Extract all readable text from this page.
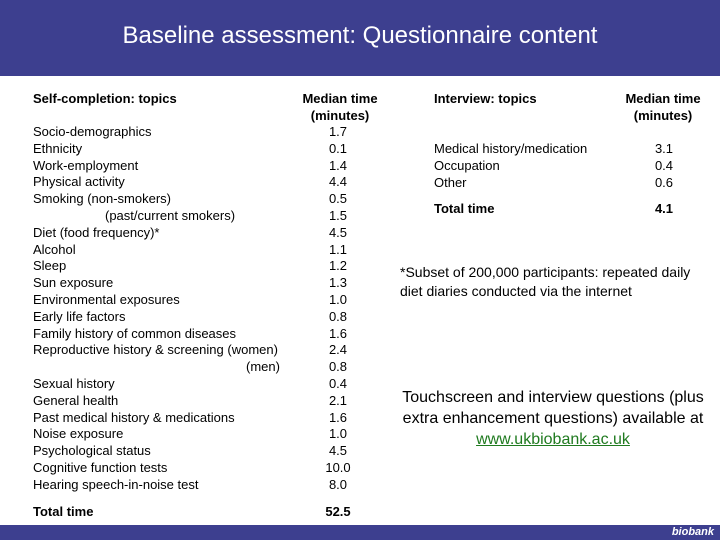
Baseline assessment: Questionnaire content
Self-completion: topics	Median time
(minutes)
Socio-demographics	1.7
Ethnicity	0.1
Work-employment	1.4
Physical activity	4.4
Smoking (non-smokers)	0.5
(past/current smokers)	1.5
Diet (food frequency)*	4.5
Alcohol	1.1
Sleep	1.2
Sun exposure	1.3
Environmental exposures	1.0
Early life factors	0.8
Family history of common diseases	1.6
Reproductive history & screening (women)	2.4
(men)	0.8
Sexual history	0.4
General health	2.1
Past medical history & medications	1.6
Noise exposure	1.0
Psychological status	4.5
Cognitive function tests	10.0
Hearing speech-in-noise test	8.0
Total time	52.5
Interview: topics	Median time
(minutes)
Medical history/medication	3.1
Occupation	0.4
Other	0.6
Total time	4.1
*Subset of 200,000 participants: repeated daily diet diaries conducted via the internet
Touchscreen and interview questions (plus extra enhancement questions) available at www.ukbiobank.ac.uk
biobank
